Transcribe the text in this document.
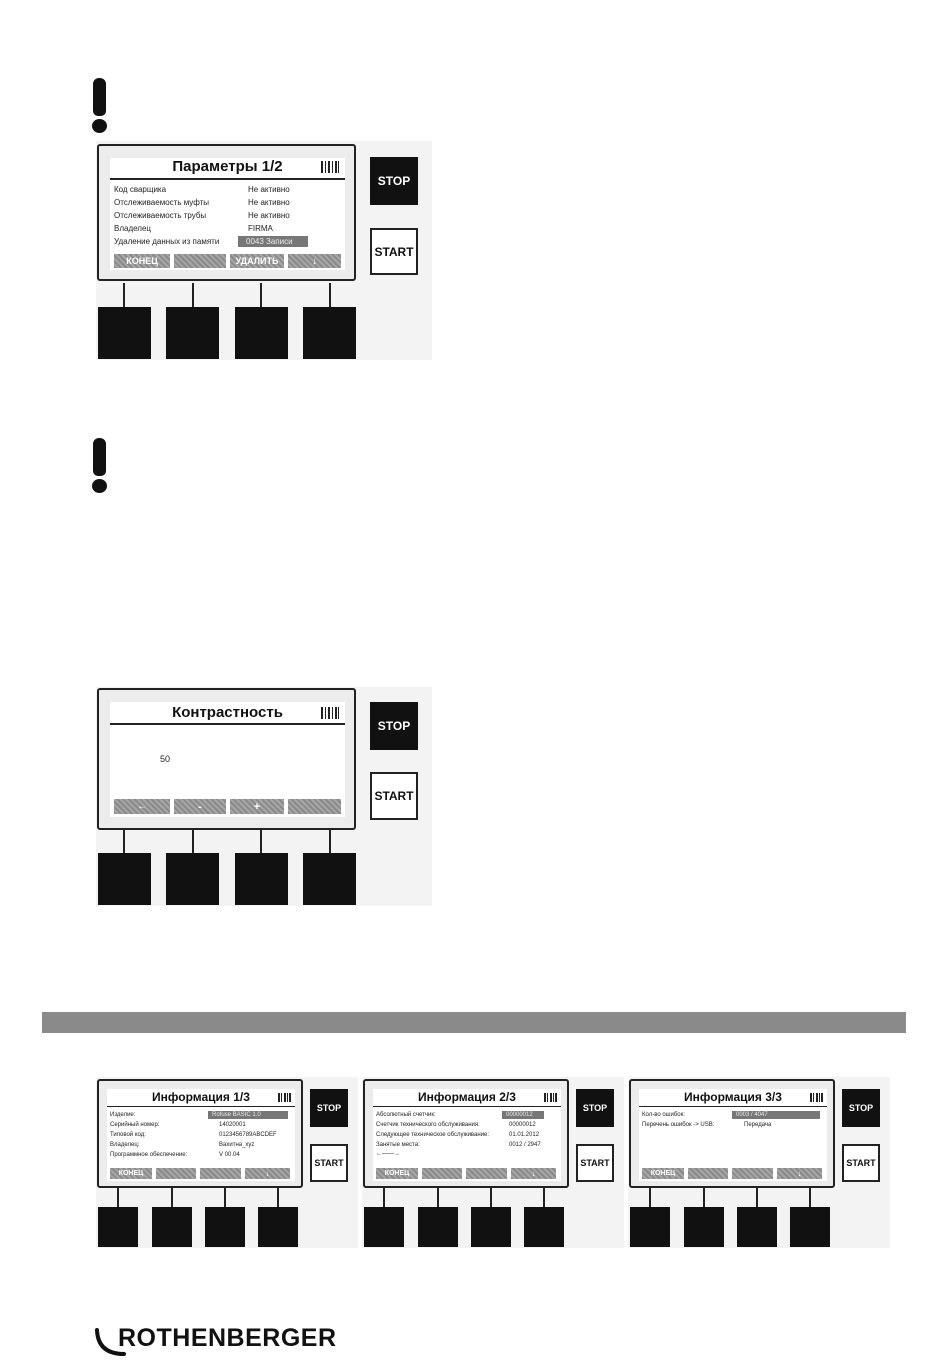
Параметры 1/2
Код сварщика	Не активно
Отслеживаемость муфты	Не активно
Отслеживаемость трубы	Не активно
Владелец	FIRMA
Удаление данных из памяти	0043 Записи
КОНЕЦ	УДАЛИТЬ	↓
STOP
START
Контрастность
50
←	-	+
STOP
START
Информация 1/3
Изделие:	Rofuse BASIC 1.0
Серийный номер:	14020001
Типовой код:	0123456789ABCDEF
Владелец:	Вахитна_хуz
Программное обеспечение:	V 00.04
КОНЕЦ	↓
STOP
START
Информация 2/3
Абсолютный счетчик:	00000012
Счетчик технического обслуживания:	00000012
Следующее техническое обслуживание:	01.01.2012
Занятые места:	0012 / 2947
←——→
КОНЕЦ	↓
STOP
START
Информация 3/3
Кол-во ошибок:	0003 / 4047
Перечень ошибок -> USB:	Передача
КОНЕЦ	↓
STOP
START
ROTHENBERGER
